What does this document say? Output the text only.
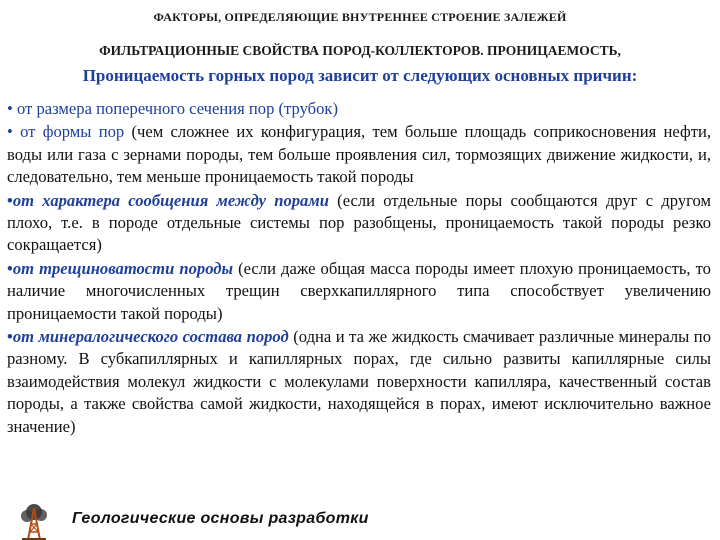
ФАКТОРЫ, ОПРЕДЕЛЯЮЩИЕ ВНУТРЕННЕЕ СТРОЕНИЕ ЗАЛЕЖЕЙ
ФИЛЬТРАЦИОННЫЕ СВОЙСТВА ПОРОД-КОЛЛЕКТОРОВ. ПРОНИЦАЕМОСТЬ,
Проницаемость горных пород зависит от следующих основных причин:

• от размера поперечного сечения пор (трубок)

• от формы пор (чем сложнее их конфигурация, тем больше площадь соприкосновения нефти, воды или газа с зернами породы, тем больше проявления сил, тормозящих движение жидкости, и, следовательно, тем меньше проницаемость такой породы

•от характера сообщения между порами (если отдельные поры сообщаются друг с другом плохо, т.е. в породе отдельные системы пор разобщены, проницаемость такой породы резко сокращается)

•от трещиноватости породы (если даже общая масса породы имеет плохую проницаемость, то наличие многочисленных трещин сверхкапиллярного типа способствует увеличению проницаемости такой породы)

•от минералогического состава пород (одна и та же жидкость смачивает различные минералы по разному. В субкапиллярных и капиллярных порах, где сильно развиты капиллярные силы взаимодействия молекул жидкости с молекулами поверхности капилляра, качественный состав породы, а также свойства самой жидкости, находящейся в порах, имеют исключительно важное значение)

Геологические основы разработки
